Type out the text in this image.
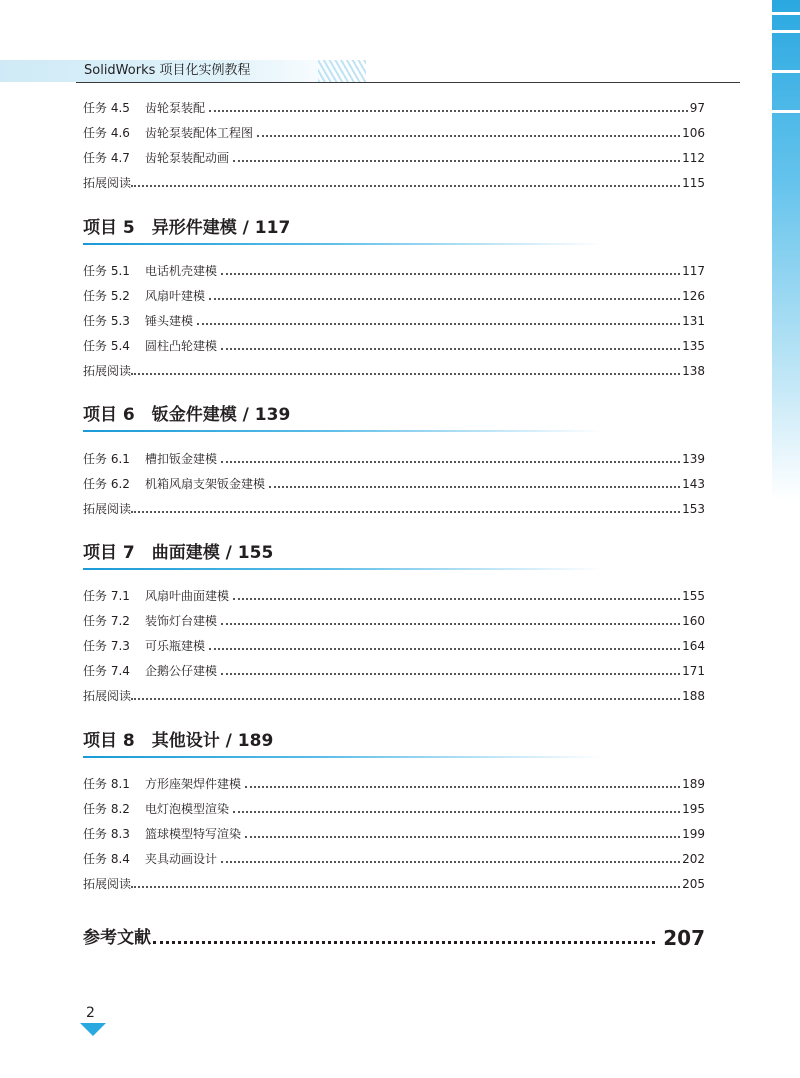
SolidWorks 项目化实例教程
任务 4.5	齿轮泵装配	97
任务 4.6	齿轮泵装配体工程图	106
任务 4.7	齿轮泵装配动画	112
拓展阅读	115
项目 5　异形件建模 / 117
任务 5.1	电话机壳建模	117
任务 5.2	风扇叶建模	126
任务 5.3	锤头建模	131
任务 5.4	圆柱凸轮建模	135
拓展阅读	138
项目 6　钣金件建模 / 139
任务 6.1	槽扣钣金建模	139
任务 6.2	机箱风扇支架钣金建模	143
拓展阅读	153
项目 7　曲面建模 / 155
任务 7.1	风扇叶曲面建模	155
任务 7.2	装饰灯台建模	160
任务 7.3	可乐瓶建模	164
任务 7.4	企鹅公仔建模	171
拓展阅读	188
项目 8　其他设计 / 189
任务 8.1	方形座架焊件建模	189
任务 8.2	电灯泡模型渲染	195
任务 8.3	篮球模型特写渲染	199
任务 8.4	夹具动画设计	202
拓展阅读	205
参考文献	207
2
